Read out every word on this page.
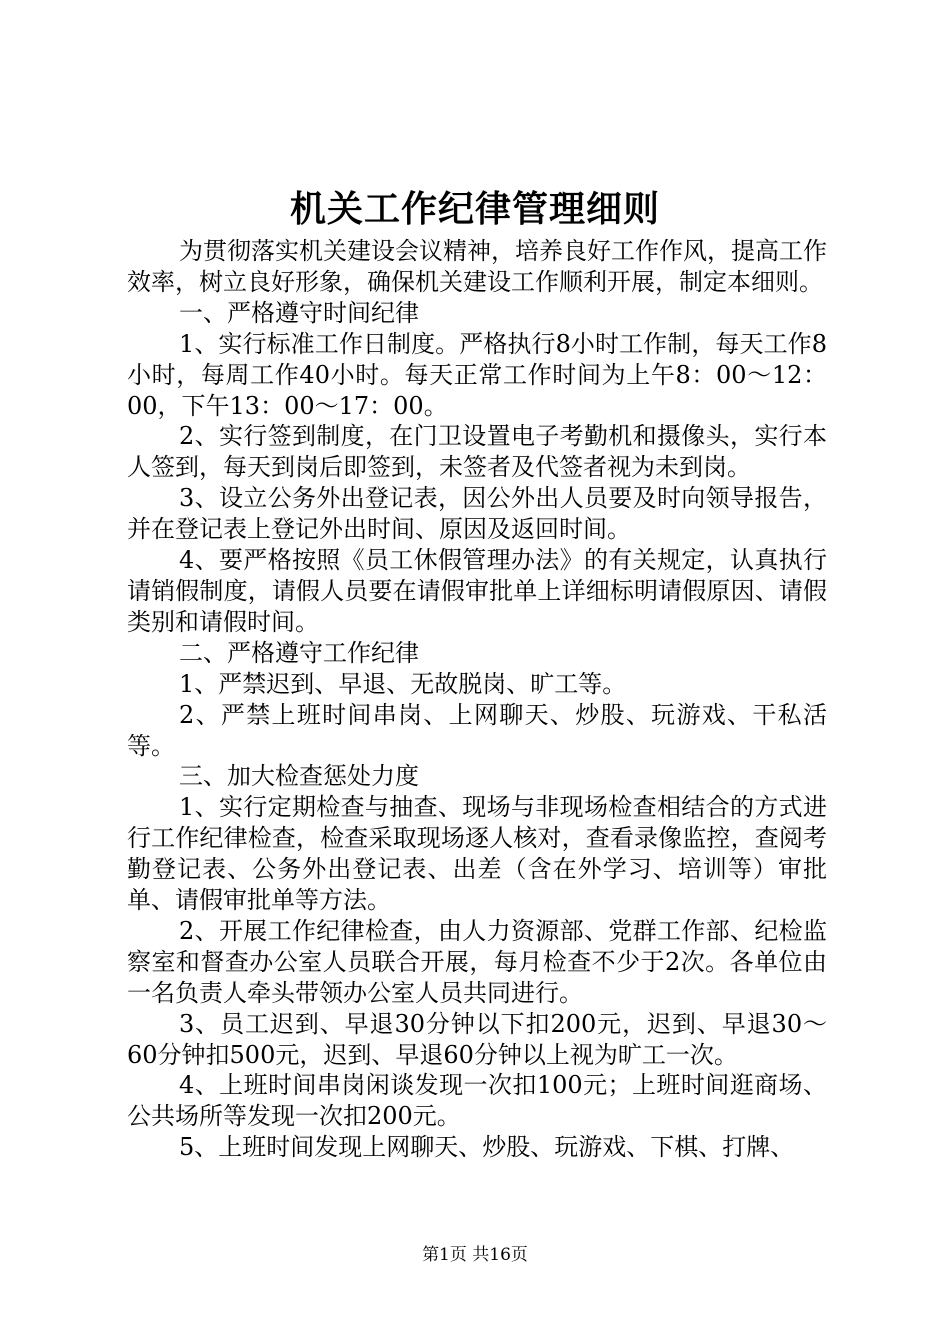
机关工作纪律管理细则

为贯彻落实机关建设会议精神，培养良好工作作风，提高工作效率，树立良好形象，确保机关建设工作顺利开展，制定本细则。

一、严格遵守时间纪律

1、实行标准工作日制度。严格执行8小时工作制，每天工作8小时，每周工作40小时。每天正常工作时间为上午8：00～12：00，下午13：00～17：00。

2、实行签到制度，在门卫设置电子考勤机和摄像头，实行本人签到，每天到岗后即签到，未签者及代签者视为未到岗。

3、设立公务外出登记表，因公外出人员要及时向领导报告，并在登记表上登记外出时间、原因及返回时间。

4、要严格按照《员工休假管理办法》的有关规定，认真执行请销假制度，请假人员要在请假审批单上详细标明请假原因、请假类别和请假时间。

二、严格遵守工作纪律

1、严禁迟到、早退、无故脱岗、旷工等。

2、严禁上班时间串岗、上网聊天、炒股、玩游戏、干私活等。

三、加大检查惩处力度

1、实行定期检查与抽查、现场与非现场检查相结合的方式进行工作纪律检查，检查采取现场逐人核对，查看录像监控，查阅考勤登记表、公务外出登记表、出差（含在外学习、培训等）审批单、请假审批单等方法。

2、开展工作纪律检查，由人力资源部、党群工作部、纪检监察室和督查办公室人员联合开展，每月检查不少于2次。各单位由一名负责人牵头带领办公室人员共同进行。

3、员工迟到、早退30分钟以下扣200元，迟到、早退30～60分钟扣500元，迟到、早退60分钟以上视为旷工一次。

4、上班时间串岗闲谈发现一次扣100元；上班时间逛商场、公共场所等发现一次扣200元。

5、上班时间发现上网聊天、炒股、玩游戏、下棋、打牌、

第1页 共16页
